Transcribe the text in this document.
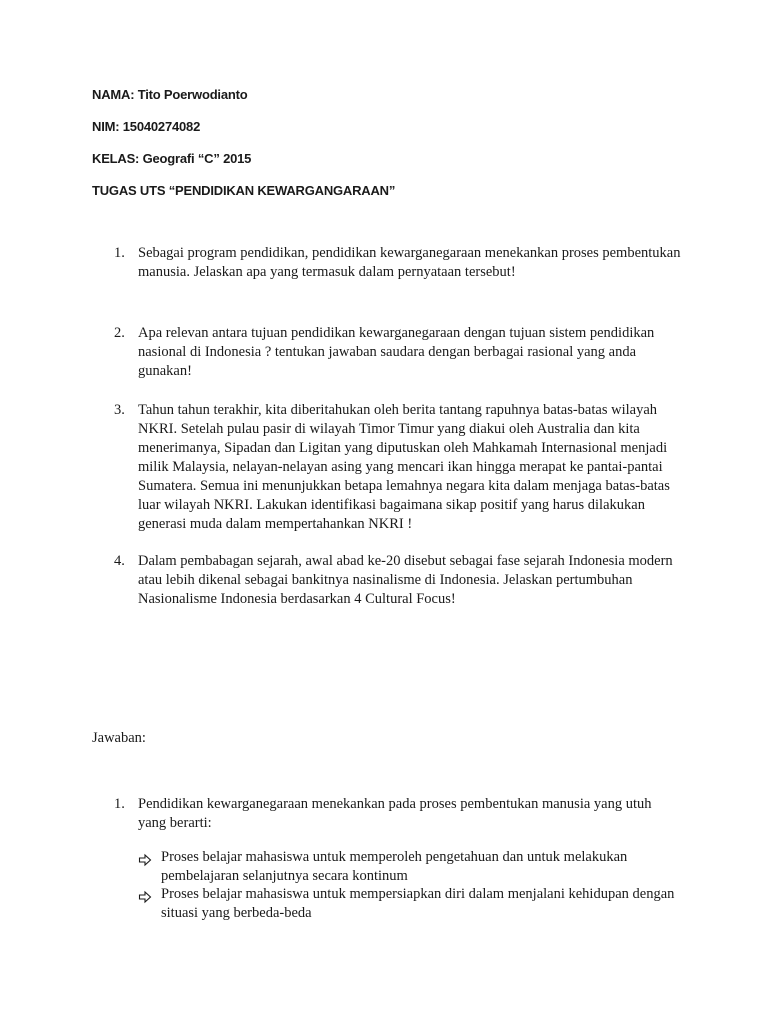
NAMA: Tito Poerwodianto
NIM: 15040274082
KELAS: Geografi “C” 2015
TUGAS UTS “PENDIDIKAN KEWARGANGARAAN”
1. Sebagai program pendidikan, pendidikan kewarganegaraan menekankan proses pembentukan manusia. Jelaskan apa yang termasuk dalam pernyataan tersebut!

2. Apa relevan antara tujuan pendidikan kewarganegaraan dengan tujuan sistem pendidikan nasional di Indonesia ? tentukan jawaban saudara dengan berbagai rasional yang anda gunakan!

3. Tahun tahun terakhir, kita diberitahukan oleh berita tantang rapuhnya batas-batas wilayah NKRI. Setelah pulau pasir di wilayah Timor Timur yang diakui oleh Australia dan kita menerimanya, Sipadan dan Ligitan yang diputuskan oleh Mahkamah Internasional menjadi milik Malaysia, nelayan-nelayan asing yang mencari ikan hingga merapat ke pantai-pantai Sumatera. Semua ini menunjukkan betapa lemahnya negara kita dalam menjaga batas-batas luar wilayah NKRI. Lakukan identifikasi bagaimana sikap positif yang harus dilakukan generasi muda dalam mempertahankan NKRI !

4. Dalam pembabagan sejarah, awal abad ke-20 disebut sebagai fase sejarah Indonesia modern atau lebih dikenal sebagai bankitnya nasinalisme di Indonesia. Jelaskan pertumbuhan Nasionalisme Indonesia berdasarkan 4 Cultural Focus!

Jawaban:
1. Pendidikan kewarganegaraan menekankan pada proses pembentukan manusia yang utuh yang berarti:

Proses belajar mahasiswa untuk memperoleh pengetahuan dan untuk melakukan pembelajaran selanjutnya secara kontinum

Proses belajar mahasiswa untuk mempersiapkan diri dalam menjalani kehidupan dengan situasi yang berbeda-beda
